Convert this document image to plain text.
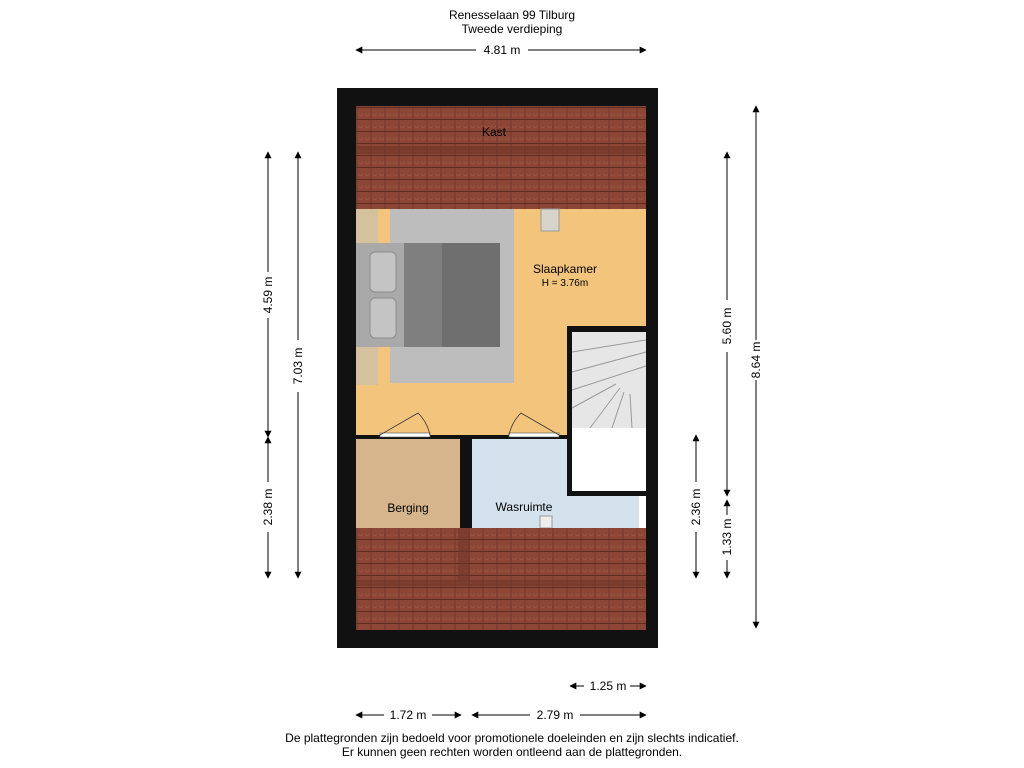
Renesselaan 99 Tilburg
Tweede verdieping
4.59 m
2.38 m
7.03 m
5.60 m
8.64 m
2.36 m
1.33 m
4.81 m
1.25 m
1.72 m	2.79 m
Kast
Slaapkamer
H = 3.76m
Berging	Wasruimte
De plattegronden zijn bedoeld voor promotionele doeleinden en zijn slechts indicatief.
Er kunnen geen rechten worden ontleend aan de plattegronden.
